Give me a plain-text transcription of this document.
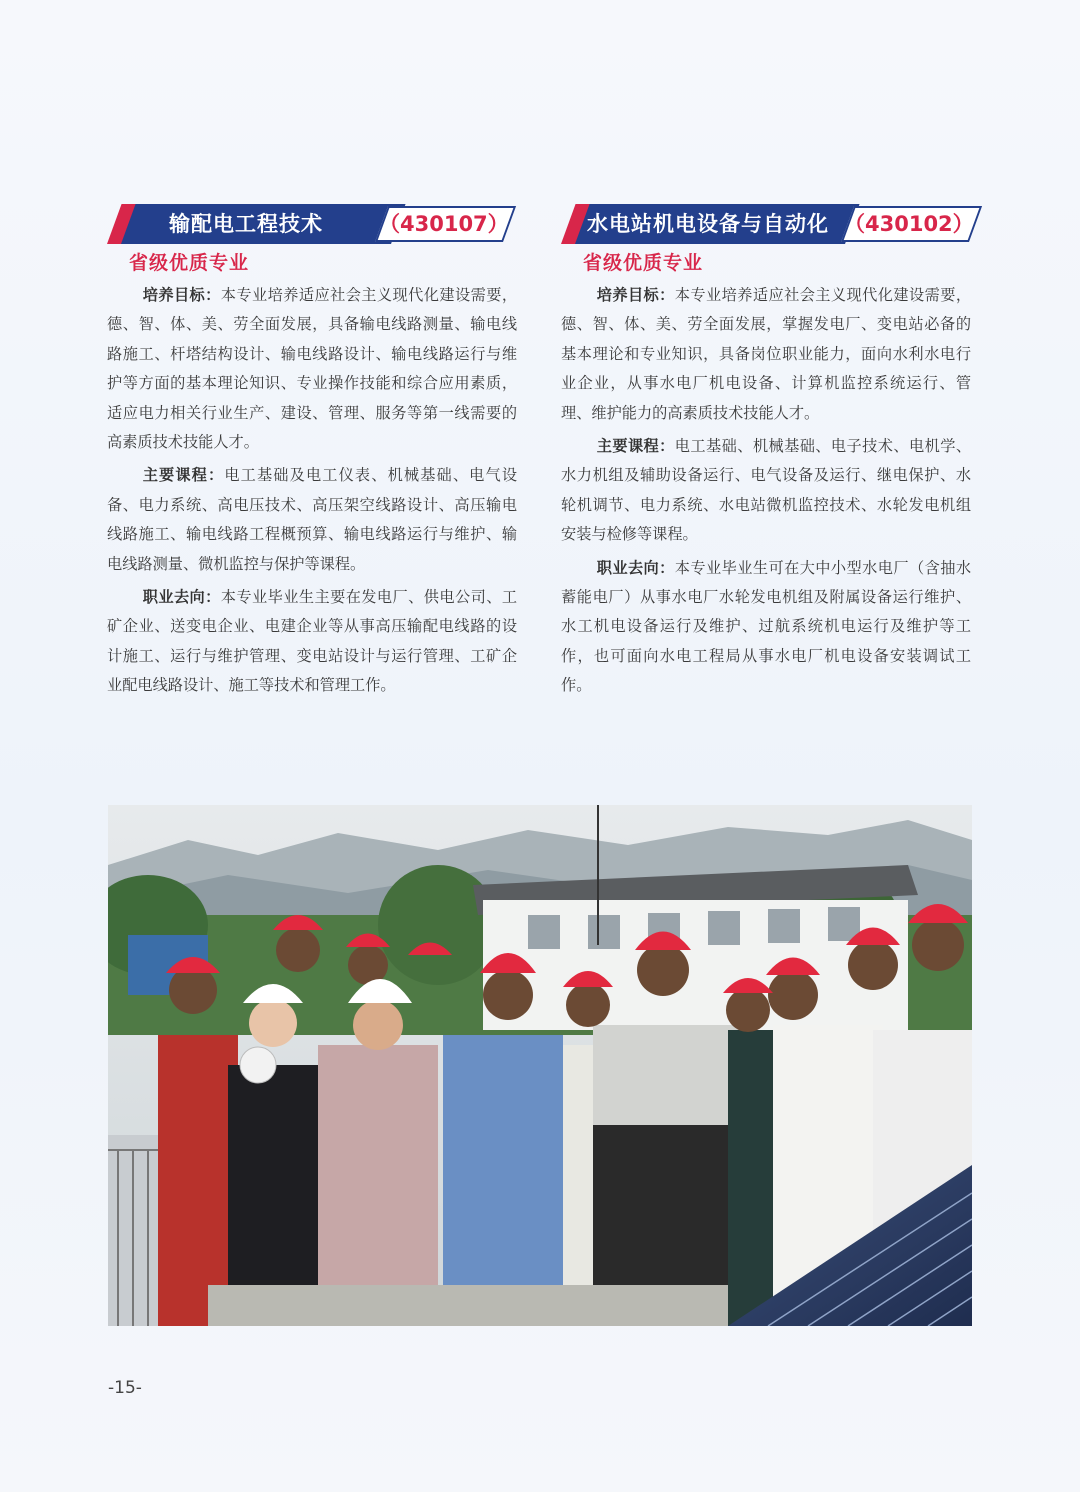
输配电工程技术	（430107）
省级优质专业

培养目标：本专业培养适应社会主义现代化建设需要，德、智、体、美、劳全面发展，具备输电线路测量、输电线路施工、杆塔结构设计、输电线路设计、输电线路运行与维护等方面的基本理论知识、专业操作技能和综合应用素质，适应电力相关行业生产、建设、管理、服务等第一线需要的高素质技术技能人才。

主要课程：电工基础及电工仪表、机械基础、电气设备、电力系统、高电压技术、高压架空线路设计、高压输电线路施工、输电线路工程概预算、输电线路运行与维护、输电线路测量、微机监控与保护等课程。

职业去向：本专业毕业生主要在发电厂、供电公司、工矿企业、送变电企业、电建企业等从事高压输配电线路的设计施工、运行与维护管理、变电站设计与运行管理、工矿企业配电线路设计、施工等技术和管理工作。

水电站机电设备与自动化 （430102）
省级优质专业

培养目标：本专业培养适应社会主义现代化建设需要，德、智、体、美、劳全面发展，掌握发电厂、变电站必备的基本理论和专业知识，具备岗位职业能力，面向水利水电行业企业，从事水电厂机电设备、计算机监控系统运行、管理、维护能力的高素质技术技能人才。

主要课程：电工基础、机械基础、电子技术、电机学、水力机组及辅助设备运行、电气设备及运行、继电保护、水轮机调节、电力系统、水电站微机监控技术、水轮发电机组安装与检修等课程。

职业去向：本专业毕业生可在大中小型水电厂（含抽水蓄能电厂）从事水电厂水轮发电机组及附属设备运行维护、水工机电设备运行及维护、过航系统机电运行及维护等工作，也可面向水电工程局从事水电厂机电设备安装调试工作。

-15-
